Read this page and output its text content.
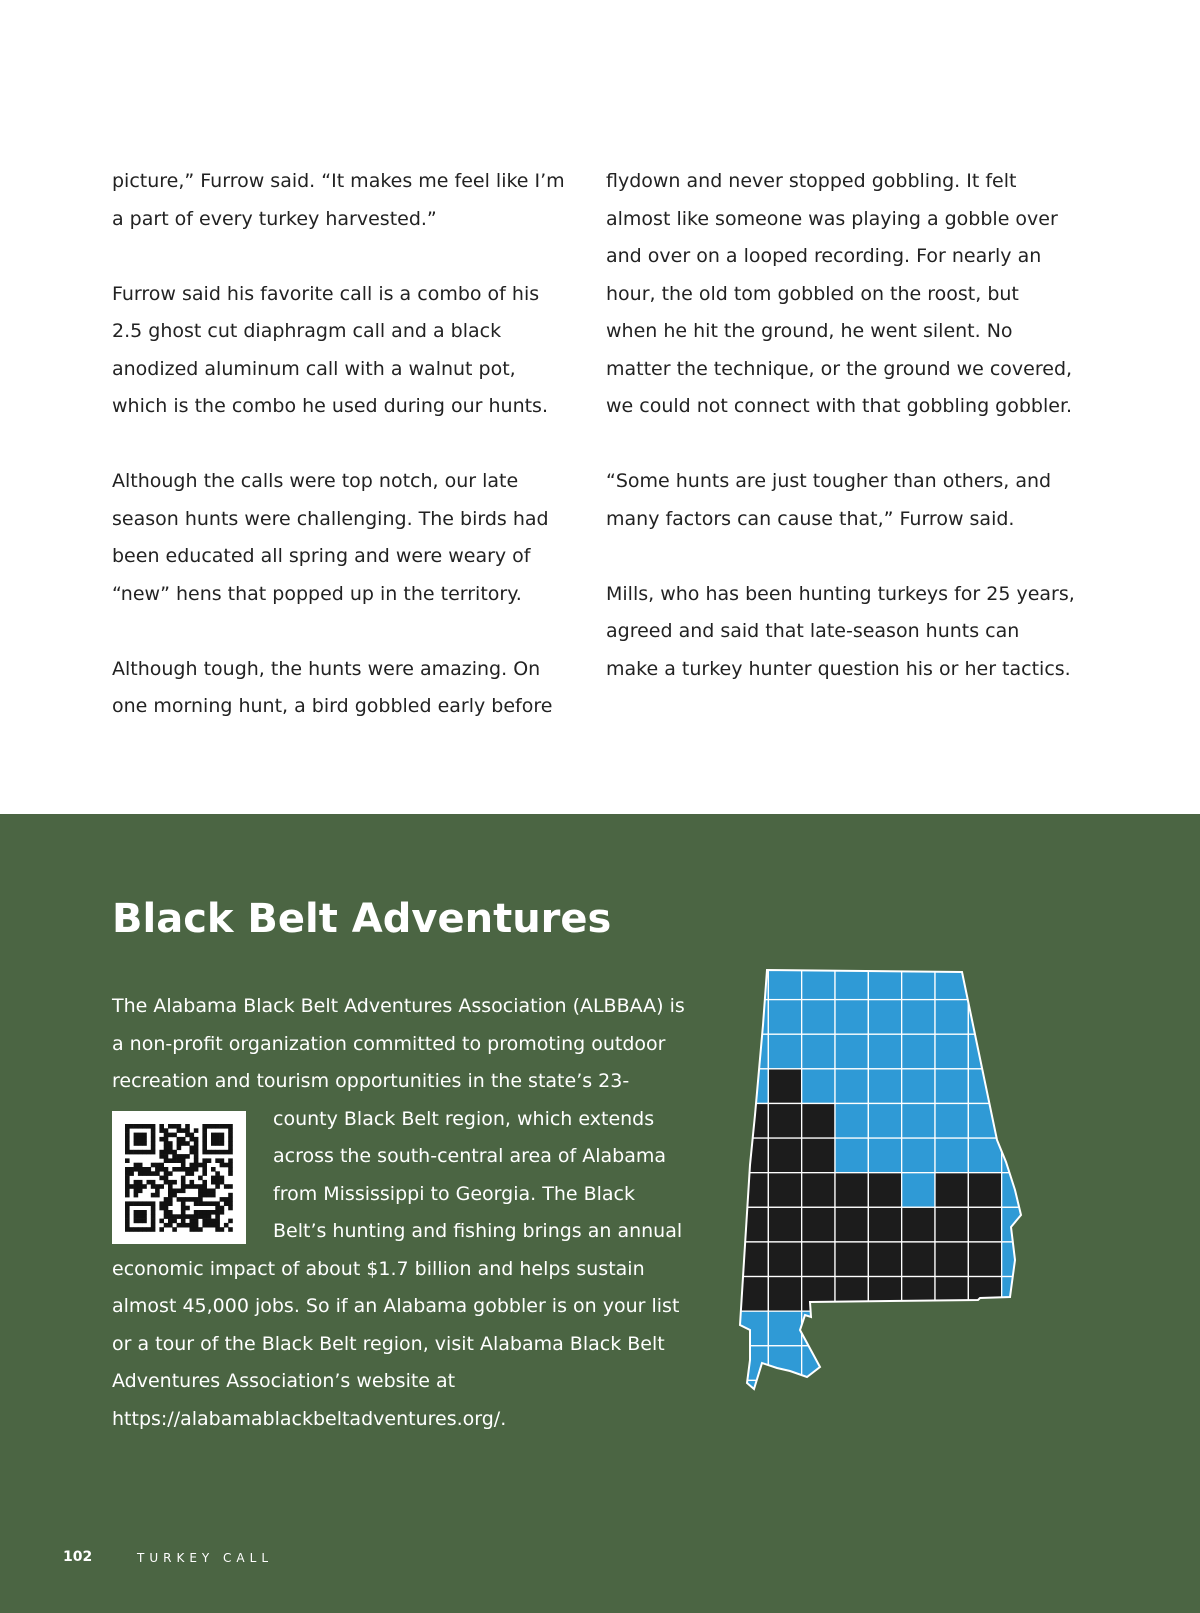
picture,” Furrow said. “It makes me feel like I’m a part of every turkey harvested.”

Furrow said his favorite call is a combo of his 2.5 ghost cut diaphragm call and a black anodized aluminum call with a walnut pot, which is the combo he used during our hunts.

Although the calls were top notch, our late season hunts were challenging. The birds had been educated all spring and were weary of “new” hens that popped up in the territory.

Although tough, the hunts were amazing. On one morning hunt, a bird gobbled early before

flydown and never stopped gobbling. It felt almost like someone was playing a gobble over and over on a looped recording. For nearly an hour, the old tom gobbled on the roost, but when he hit the ground, he went silent. No matter the technique, or the ground we covered, we could not connect with that gobbling gobbler.

“Some hunts are just tougher than others, and many factors can cause that,” Furrow said.

Mills, who has been hunting turkeys for 25 years, agreed and said that late-season hunts can make a turkey hunter question his or her tactics.

Black Belt Adventures
The Alabama Black Belt Adventures Association (ALBBAA) is a non-profit organization committed to promoting outdoor recreation and tourism opportunities in the state’s 23-county Black Belt region, which extends across the south-central area of Alabama from Mississippi to Georgia. The Black Belt’s hunting and fishing brings an annual economic impact of about $1.7 billion and helps sustain almost 45,000 jobs. So if an Alabama gobbler is on your list or a tour of the Black Belt region, visit Alabama Black Belt Adventures Association’s website at https://alabamablackbeltadventures.org/.
102	TURKEY CALL
